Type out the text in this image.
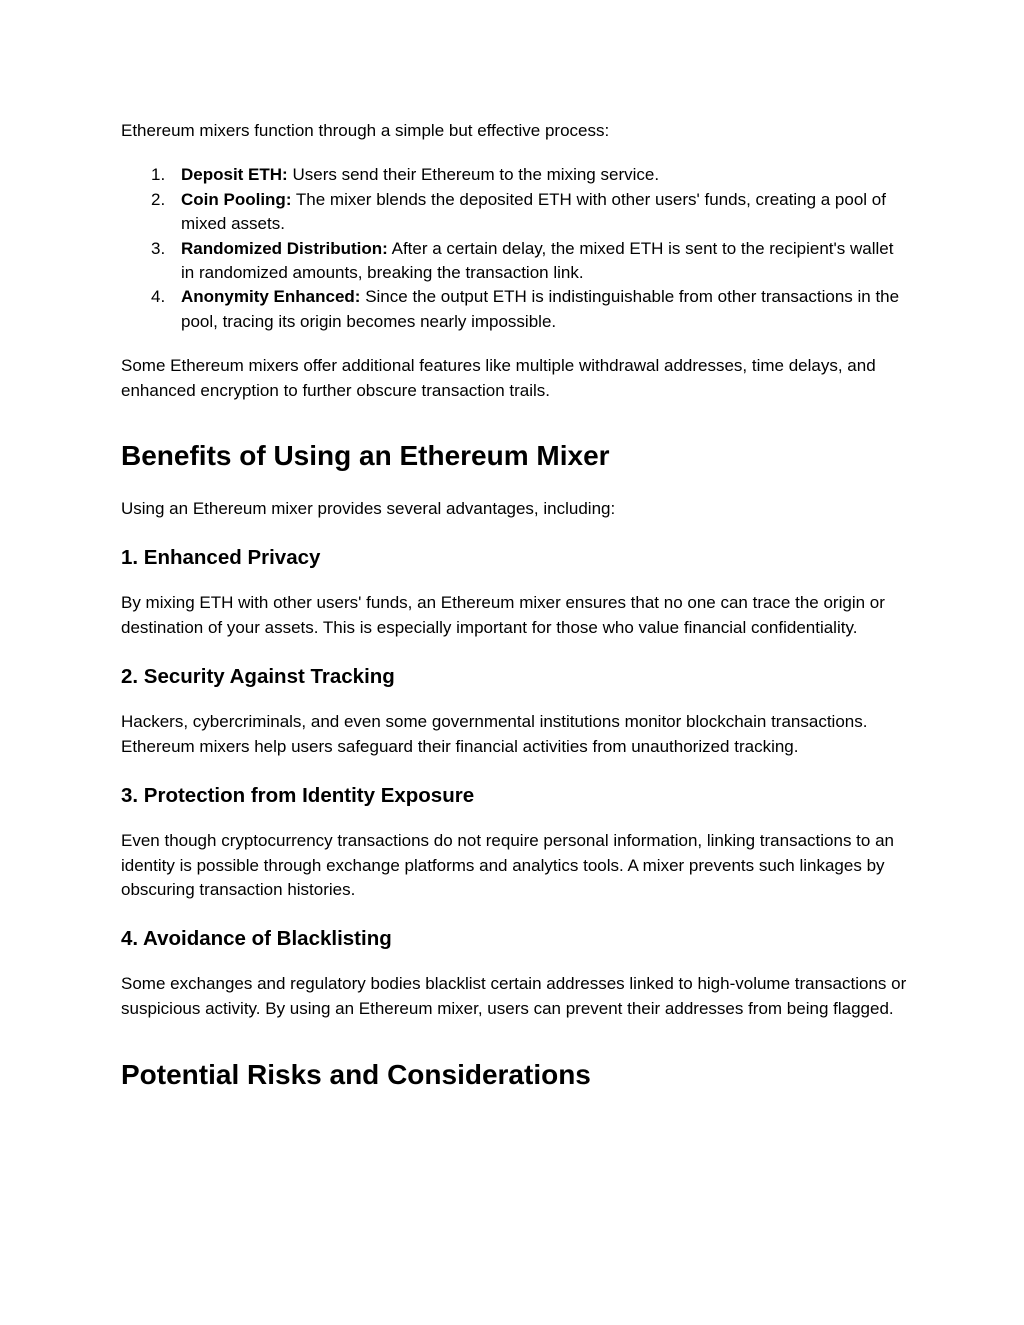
Ethereum mixers function through a simple but effective process:

1. Deposit ETH: Users send their Ethereum to the mixing service.
2. Coin Pooling: The mixer blends the deposited ETH with other users' funds, creating a pool of mixed assets.
3. Randomized Distribution: After a certain delay, the mixed ETH is sent to the recipient's wallet in randomized amounts, breaking the transaction link.
4. Anonymity Enhanced: Since the output ETH is indistinguishable from other transactions in the pool, tracing its origin becomes nearly impossible.

Some Ethereum mixers offer additional features like multiple withdrawal addresses, time delays, and enhanced encryption to further obscure transaction trails.

Benefits of Using an Ethereum Mixer

Using an Ethereum mixer provides several advantages, including:

1. Enhanced Privacy

By mixing ETH with other users' funds, an Ethereum mixer ensures that no one can trace the origin or destination of your assets. This is especially important for those who value financial confidentiality.

2. Security Against Tracking

Hackers, cybercriminals, and even some governmental institutions monitor blockchain transactions. Ethereum mixers help users safeguard their financial activities from unauthorized tracking.

3. Protection from Identity Exposure

Even though cryptocurrency transactions do not require personal information, linking transactions to an identity is possible through exchange platforms and analytics tools. A mixer prevents such linkages by obscuring transaction histories.

4. Avoidance of Blacklisting

Some exchanges and regulatory bodies blacklist certain addresses linked to high-volume transactions or suspicious activity. By using an Ethereum mixer, users can prevent their addresses from being flagged.

Potential Risks and Considerations
